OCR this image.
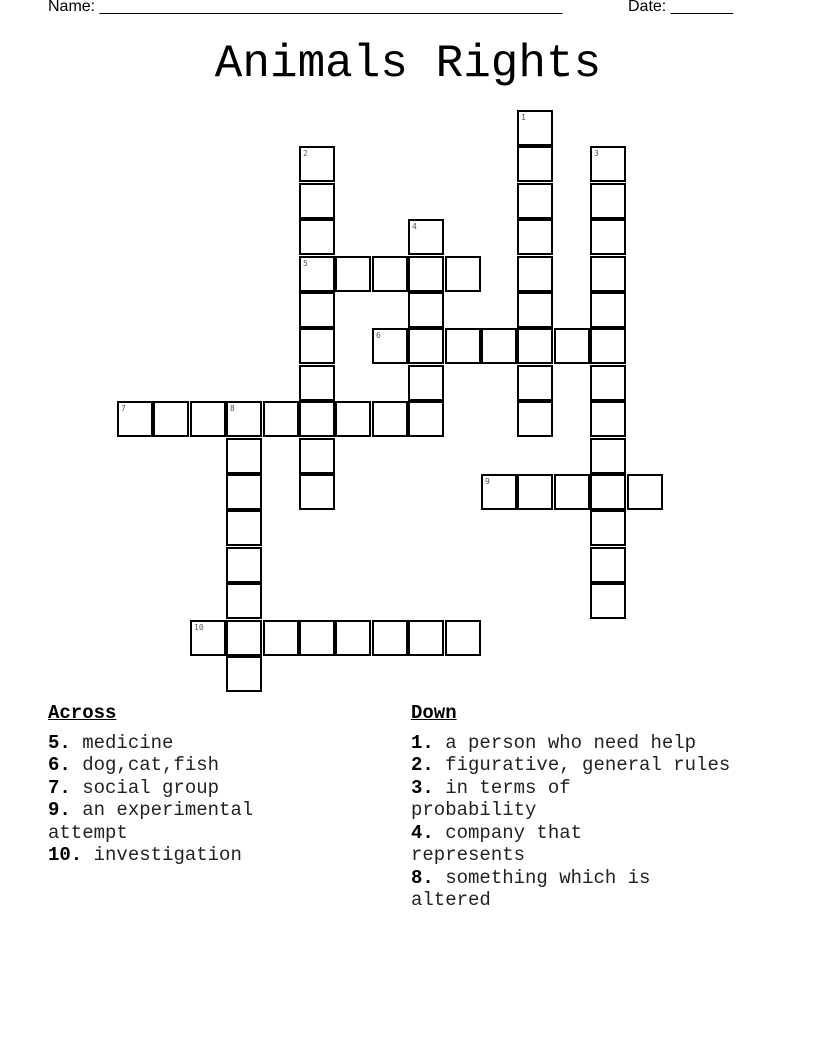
Name: ____________________________________________________	Date: _______
Animals Rights
1
2
5
3
4
6
7	8
9
10
Across
5. medicine
6. dog,cat,fish
7. social group
9. an experimental attempt
10. investigation
Down
1. a person who need help
2. figurative, general rules
3. in terms of probability
4. company that represents
8. something which is altered
